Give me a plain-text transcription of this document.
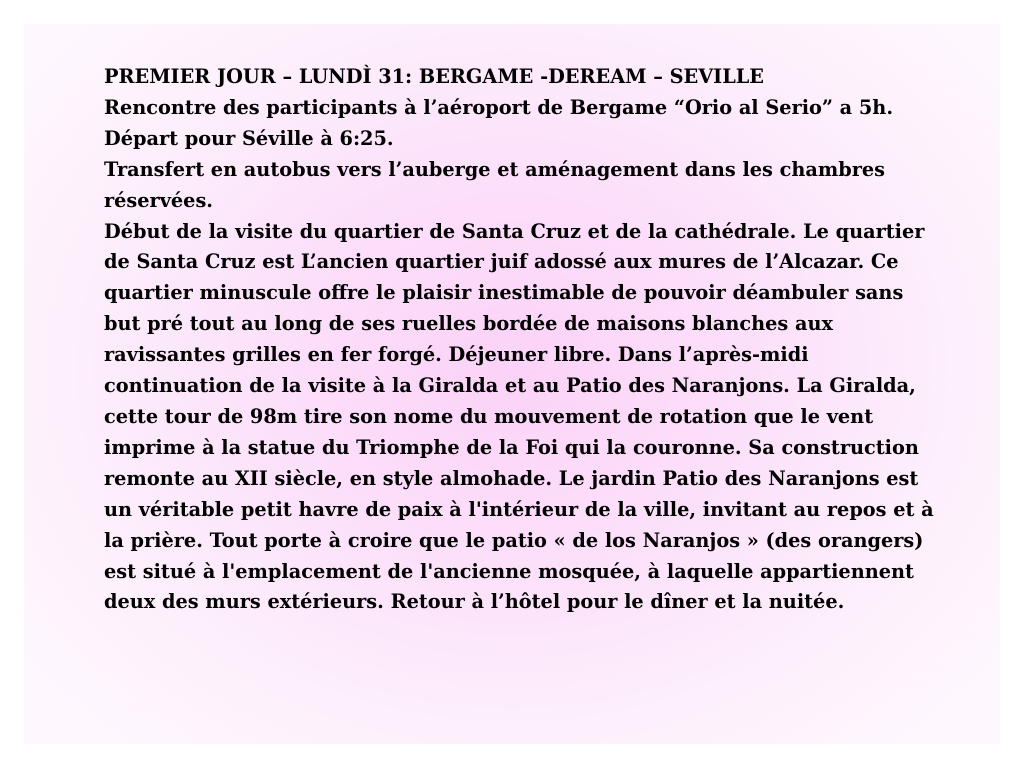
PREMIER JOUR – LUNDÌ 31: BERGAME -DEREAM – SEVILLE

Rencontre des participants à l’aéroport de Bergame “Orio al Serio” a 5h.

Départ pour Séville à 6:25.

Transfert en autobus vers l’auberge et aménagement dans les chambres réservées.

Début de la visite du quartier de Santa Cruz et de la cathédrale. Le quartier de Santa Cruz est L’ancien quartier juif adossé aux mures de l’Alcazar. Ce quartier minuscule offre le plaisir inestimable de pouvoir déambuler sans but pré tout au long de ses ruelles bordée de maisons blanches aux ravissantes grilles en fer forgé. Déjeuner libre. Dans l’après-midi continuation de la visite à la Giralda et au Patio des Naranjons. La Giralda, cette tour de 98m tire son nome du mouvement de rotation que le vent imprime à la statue du Triomphe de la Foi qui la couronne. Sa construction remonte au XII siècle, en style almohade. Le jardin Patio des Naranjons est un véritable petit havre de paix à l'intérieur de la ville, invitant au repos et à la prière. Tout porte à croire que le patio « de los Naranjos » (des orangers) est situé à l'emplacement de l'ancienne mosquée, à laquelle appartiennent deux des murs extérieurs. Retour à l’hôtel pour le dîner et la nuitée.
